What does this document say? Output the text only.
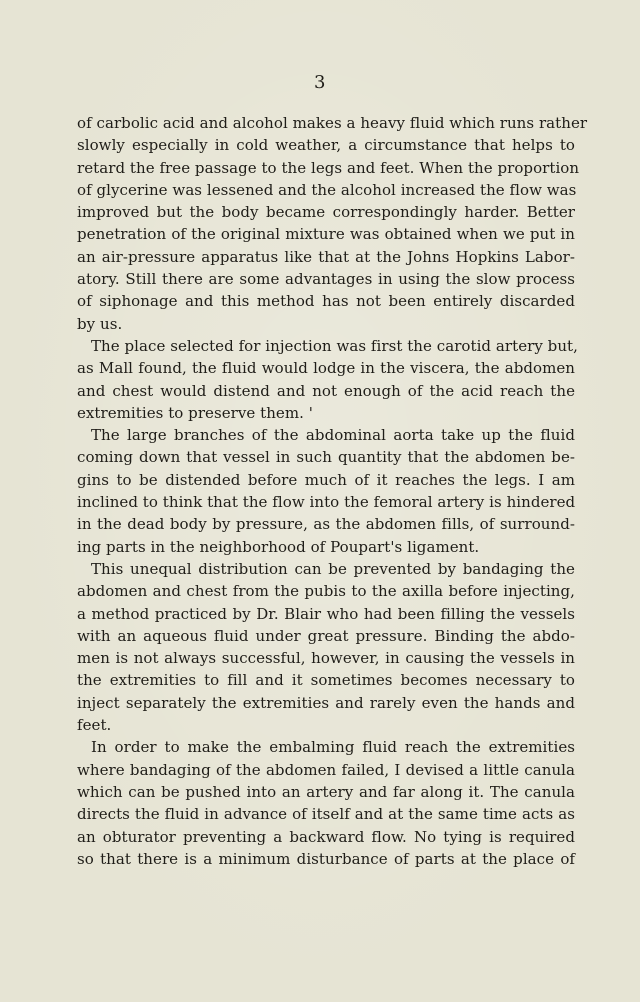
3
of carbolic acid and alcohol makes a heavy fluid which runs rather
slowly especially in cold weather, a circumstance that helps to
retard the free passage to the legs and feet. When the proportion
of glycerine was lessened and the alcohol increased the flow was
improved but the body became correspondingly harder. Better
penetration of the original mixture was obtained when we put in
an air-pressure apparatus like that at the Johns Hopkins Labor-
atory. Still there are some advantages in using the slow process
of siphonage and this method has not been entirely discarded
by us.
The place selected for injection was first the carotid artery but,
as Mall found, the fluid would lodge in the viscera, the abdomen
and chest would distend and not enough of the acid reach the
extremities to preserve them. '
The large branches of the abdominal aorta take up the fluid
coming down that vessel in such quantity that the abdomen be-
gins to be distended before much of it reaches the legs. I am
inclined to think that the flow into the femoral artery is hindered
in the dead body by pressure, as the abdomen fills, of surround-
ing parts in the neighborhood of Poupart's ligament.
This unequal distribution can be prevented by bandaging the
abdomen and chest from the pubis to the axilla before injecting,
a method practiced by Dr. Blair who had been filling the vessels
with an aqueous fluid under great pressure. Binding the abdo-
men is not always successful, however, in causing the vessels in
the extremities to fill and it sometimes becomes necessary to
inject separately the extremities and rarely even the hands and
feet.
In order to make the embalming fluid reach the extremities
where bandaging of the abdomen failed, I devised a little canula
which can be pushed into an artery and far along it. The canula
directs the fluid in advance of itself and at the same time acts as
an obturator preventing a backward flow. No tying is required
so that there is a minimum disturbance of parts at the place of
